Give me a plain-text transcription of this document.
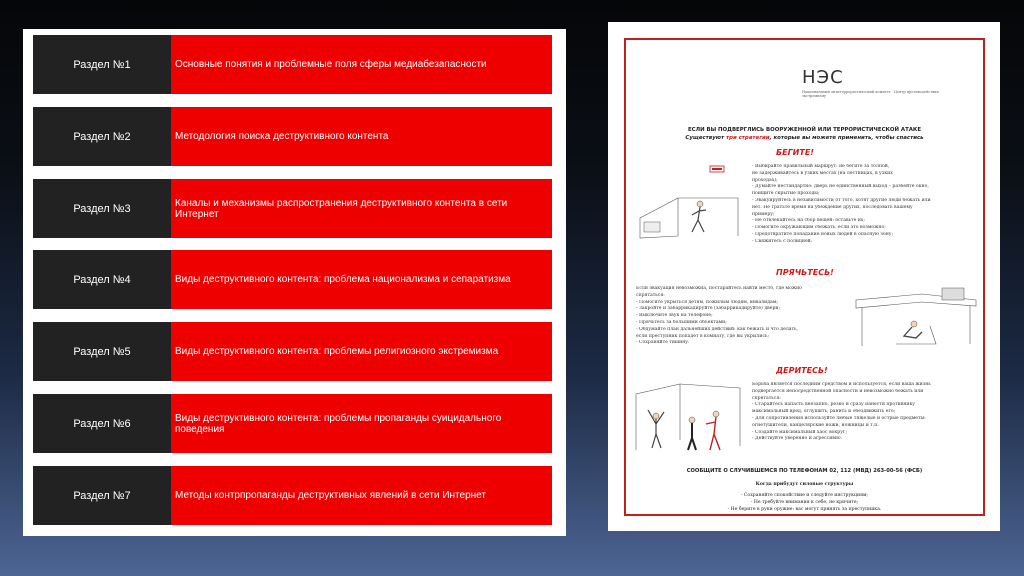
Раздел №1	Основные понятия и проблемные поля сферы медиабезапасности
Раздел №2	Методология поиска деструктивного контента
Раздел №3	Каналы и механизмы распространения деструктивного контента в сети Интернет
Раздел №4	Виды деструктивного контента: проблема национализма и сепаратизма
Раздел №5	Виды деструктивного контента: проблемы религиозного экстремизма
Раздел №6	Виды деструктивного контента: проблемы пропаганды суицидального поведения
Раздел №7	Методы контрпропаганды деструктивных явлений в сети Интернет
НЭС
Национальный антитеррористический комитет · Центр противодействия экстремизму
ЕСЛИ ВЫ ПОДВЕРГЛИСЬ ВООРУЖЕННОЙ ИЛИ ТЕРРОРИСТИЧЕСКОЙ АТАКЕ
Существуют три стратегии, которые вы можете применить, чтобы спастись
БЕГИТЕ!
- Выбирайте правильный маршрут: не бегите за толпой,
не задерживайтесь в узких местах (на лестницах, в узких
проходах);
- Думайте нестандартно: дверь не единственный выход – разбейте окно,
поищите скрытые проходы;
- Эвакуируйтесь в независимости от того, хотят другие люди бежать или
нет. Не тратьте время на убеждение других, последовать вашему
примеру;
- Не отвлекайтесь на сбор вещей: оставьте их;
- Помогите окружающим сбежать, если это возможно;
- Предотвратите попадание новых людей в опасную зону;
- Свяжитесь с полицией.
ПРЯЧЬТЕСЬ!
Если эвакуация невозможна, постарайтесь найти место, где можно
спрятаться:
- Помогите укрыться детям, пожилым людям, инвалидам;
- Закройте и забаррикадируйте (забаррикадируйте) двери;
- Выключите звук на телефоне;
- Прячьтесь за большими объектами;
- Обдумайте план дальнейших действий: как бежать и что делать,
если преступник попадет в комнату, где вы укрылись;
- Сохраняйте тишину.
ДЕРИТЕСЬ!
Борьба является последним средством и используется, если ваша жизнь
подвергается непосредственной опасности и невозможно бежать или
спрятаться:
- Старайтесь напасть внезапно, резко и сразу нанести противнику
максимальный вред, оглушить, ранить и обездвижить его;
- Для сопротивления используйте любые тяжелые и острые предметы:
огнетушители, канцелярские ножи, ножницы и т.п.
- Создайте максимальный хаос вокруг;
- Действуйте уверенно и агрессивно.
СООБЩИТЕ О СЛУЧИВШЕМСЯ ПО ТЕЛЕФОНАМ 02, 112 (МВД) 263-00-56 (ФСБ)
Когда прибудут силовые структуры
- Сохраняйте спокойствие и следуйте инструкциям;
- Не требуйте внимания к себе, не кричите;
- Не берите в руки оружие: вас могут принять за преступника.
